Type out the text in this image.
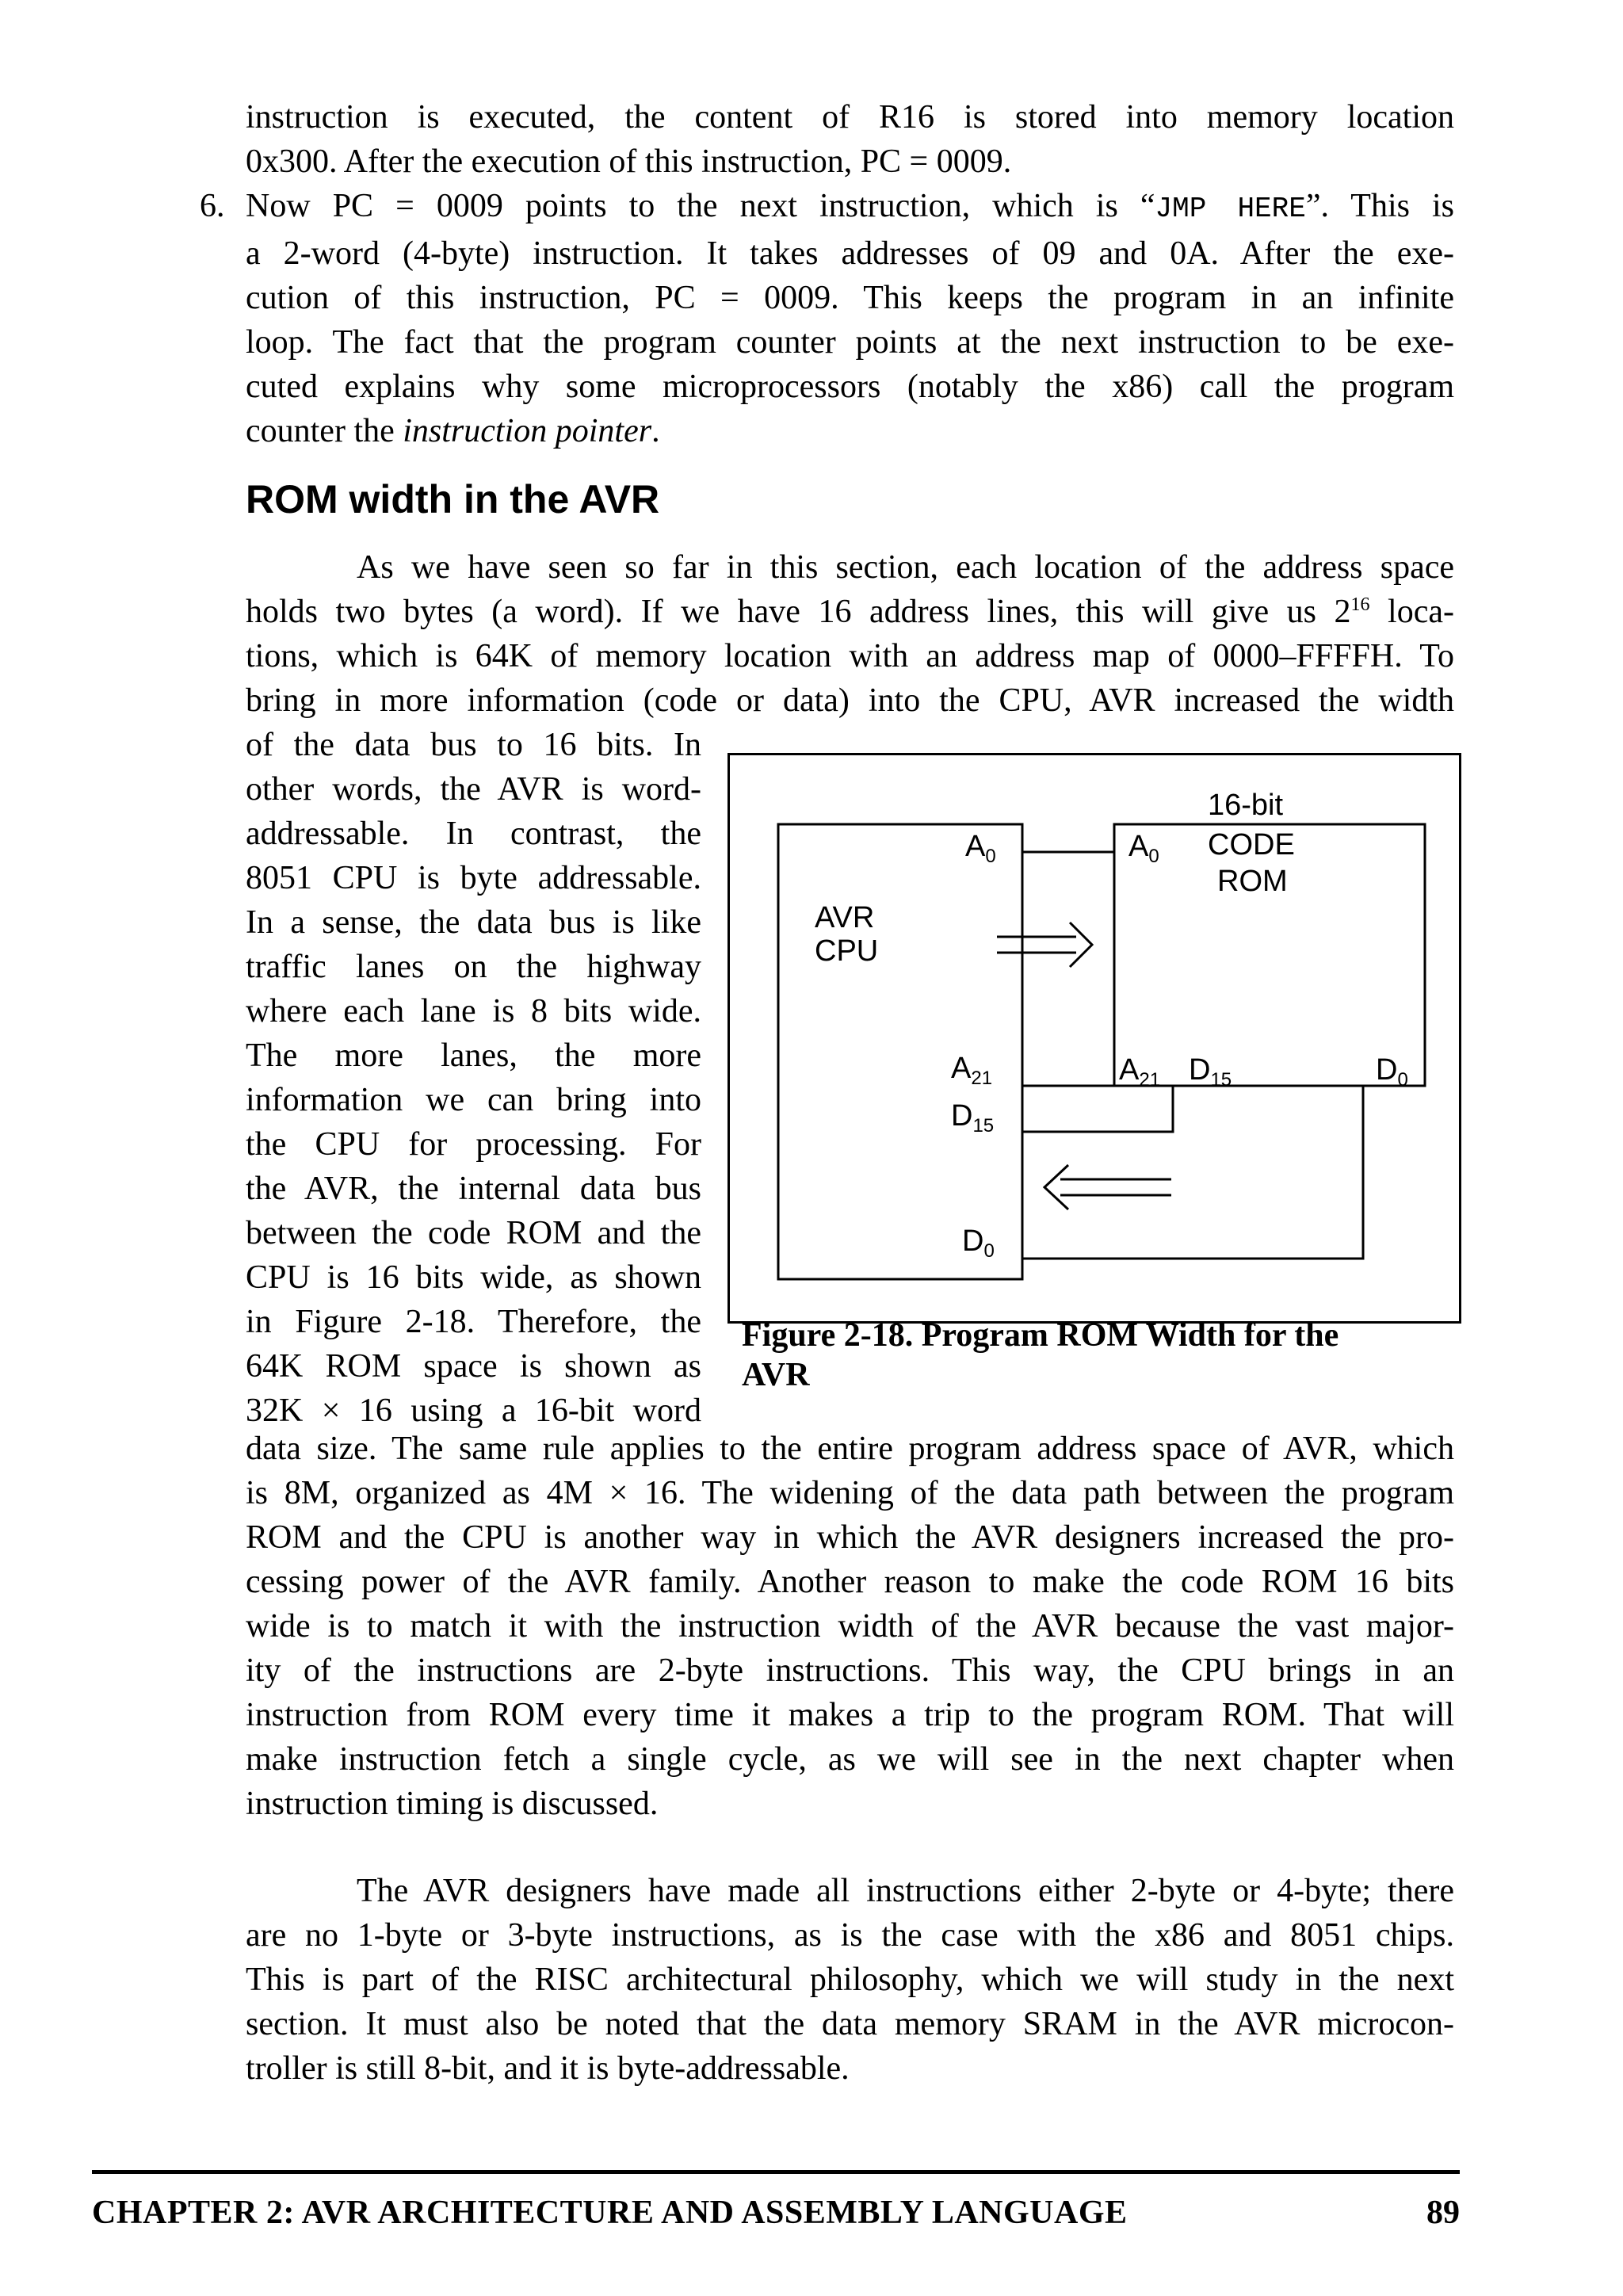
instruction is executed, the content of R16 is stored into memory location
0x300. After the execution of this instruction, PC = 0009.
6. Now PC = 0009 points to the next instruction, which is “JMP HERE”. This is
a 2-word (4-byte) instruction. It takes addresses of 09 and 0A. After the exe-
cution of this instruction, PC = 0009. This keeps the program in an infinite
loop. The fact that the program counter points at the next instruction to be exe-
cuted explains why some microprocessors (notably the x86) call the program
counter the instruction pointer.
ROM width in the AVR
As we have seen so far in this section, each location of the address space
holds two bytes (a word). If we have 16 address lines, this will give us $2^{16}$ loca-
tions, which is 64K of memory location with an address map of 0000–FFFFH. To
bring in more information (code or data) into the CPU, AVR increased the width
of the data bus to 16 bits. In
other words, the AVR is word-
addressable. In contrast, the
8051 CPU is byte addressable.
In a sense, the data bus is like
traffic lanes on the highway
where each lane is 8 bits wide.
The more lanes, the more
information we can bring into
the CPU for processing. For
the AVR, the internal data bus
between the code ROM and the
CPU is 16 bits wide, as shown
in Figure 2-18. Therefore, the
64K ROM space is shown as
32K × 16 using a 16-bit word
AVR
CPU
$A_0$
$A_{21}$
$D_{15}$
$D_0$
16-bit
CODE
ROM
$A_0$
$A_{21}$ $D_{15}$	$D_0$
Figure 2-18. Program ROM Width for the
AVR
data size. The same rule applies to the entire program address space of AVR, which
is 8M, organized as 4M × 16. The widening of the data path between the program
ROM and the CPU is another way in which the AVR designers increased the pro-
cessing power of the AVR family. Another reason to make the code ROM 16 bits
wide is to match it with the instruction width of the AVR because the vast major-
ity of the instructions are 2-byte instructions. This way, the CPU brings in an
instruction from ROM every time it makes a trip to the program ROM. That will
make instruction fetch a single cycle, as we will see in the next chapter when
instruction timing is discussed.
The AVR designers have made all instructions either 2-byte or 4-byte; there
are no 1-byte or 3-byte instructions, as is the case with the x86 and 8051 chips.
This is part of the RISC architectural philosophy, which we will study in the next
section. It must also be noted that the data memory SRAM in the AVR microcon-
troller is still 8-bit, and it is byte-addressable.
CHAPTER 2: AVR ARCHITECTURE AND ASSEMBLY LANGUAGE	89
